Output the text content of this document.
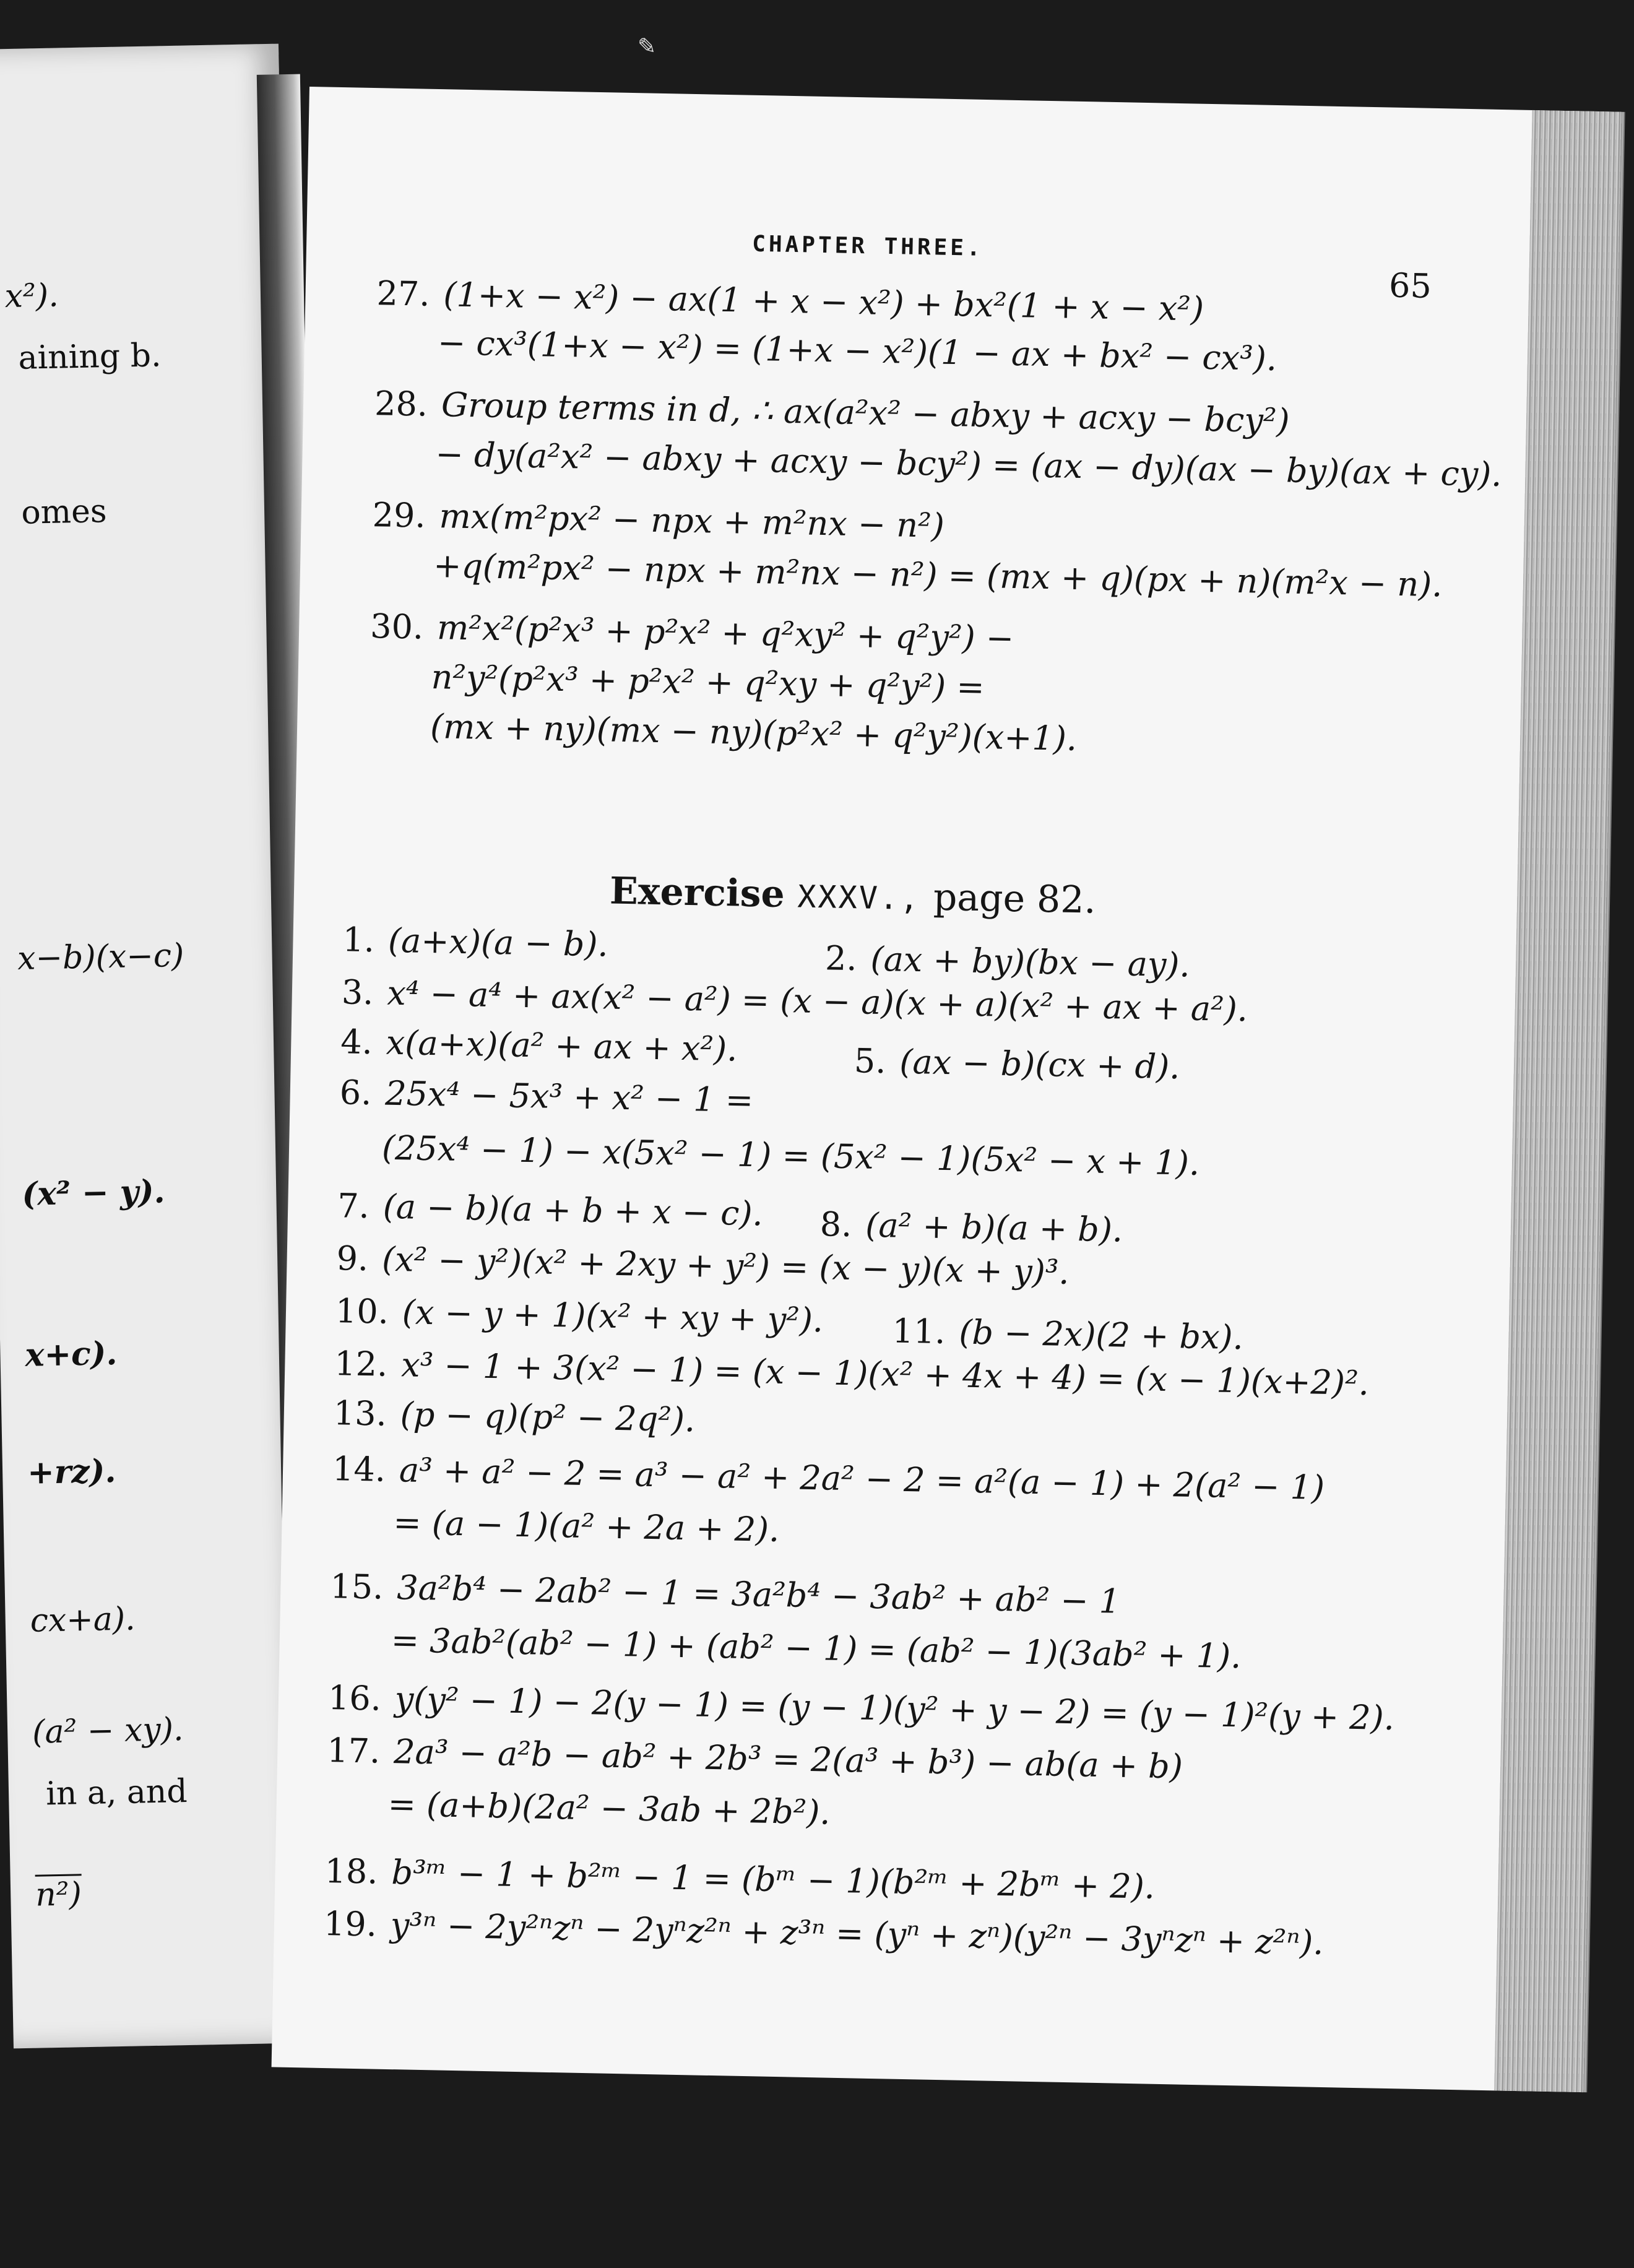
✎
x²).
aining b.
omes
x−b)(x−c)
(x² − y).
x+c).
+rz).
cx+a).
(a² − xy).
in a, and
n²)
CHAPTER THREE.
65
27. (1+x − x²) − ax(1 + x − x²) + bx²(1 + x − x²)
− cx³(1+x − x²) = (1+x − x²)(1 − ax + bx² − cx³).
28. Group terms in d, ∴ ax(a²x² − abxy + acxy − bcy²)
− dy(a²x² − abxy + acxy − bcy²) = (ax − dy)(ax − by)(ax + cy).
29. mx(m²px² − npx + m²nx − n²)
+q(m²px² − npx + m²nx − n²) = (mx + q)(px + n)(m²x − n).
30. m²x²(p²x³ + p²x² + q²xy² + q²y²) −
n²y²(p²x³ + p²x² + q²xy + q²y²) =
(mx + ny)(mx − ny)(p²x² + q²y²)(x+1).
Exercise XXXV., page 82.
1. (a+x)(a − b).	2. (ax + by)(bx − ay).
3. x⁴ − a⁴ + ax(x² − a²) = (x − a)(x + a)(x² + ax + a²).
4. x(a+x)(a² + ax + x²).	5. (ax − b)(cx + d).
6. 25x⁴ − 5x³ + x² − 1 =
(25x⁴ − 1) − x(5x² − 1) = (5x² − 1)(5x² − x + 1).
7. (a − b)(a + b + x − c). 8. (a² + b)(a + b).
9. (x² − y²)(x² + 2xy + y²) = (x − y)(x + y)³.
10. (x − y + 1)(x² + xy + y²). 11. (b − 2x)(2 + bx).
12. x³ − 1 + 3(x² − 1) = (x − 1)(x² + 4x + 4) = (x − 1)(x+2)².
13. (p − q)(p² − 2q²).
14. a³ + a² − 2 = a³ − a² + 2a² − 2 = a²(a − 1) + 2(a² − 1)
= (a − 1)(a² + 2a + 2).
15. 3a²b⁴ − 2ab² − 1 = 3a²b⁴ − 3ab² + ab² − 1
= 3ab²(ab² − 1) + (ab² − 1) = (ab² − 1)(3ab² + 1).
16. y(y² − 1) − 2(y − 1) = (y − 1)(y² + y − 2) = (y − 1)²(y + 2).
17. 2a³ − a²b − ab² + 2b³ = 2(a³ + b³) − ab(a + b)
= (a+b)(2a² − 3ab + 2b²).
18. b³ᵐ − 1 + b²ᵐ − 1 = (bᵐ − 1)(b²ᵐ + 2bᵐ + 2).
19. y³ⁿ − 2y²ⁿzⁿ − 2yⁿz²ⁿ + z³ⁿ = (yⁿ + zⁿ)(y²ⁿ − 3yⁿzⁿ + z²ⁿ).
